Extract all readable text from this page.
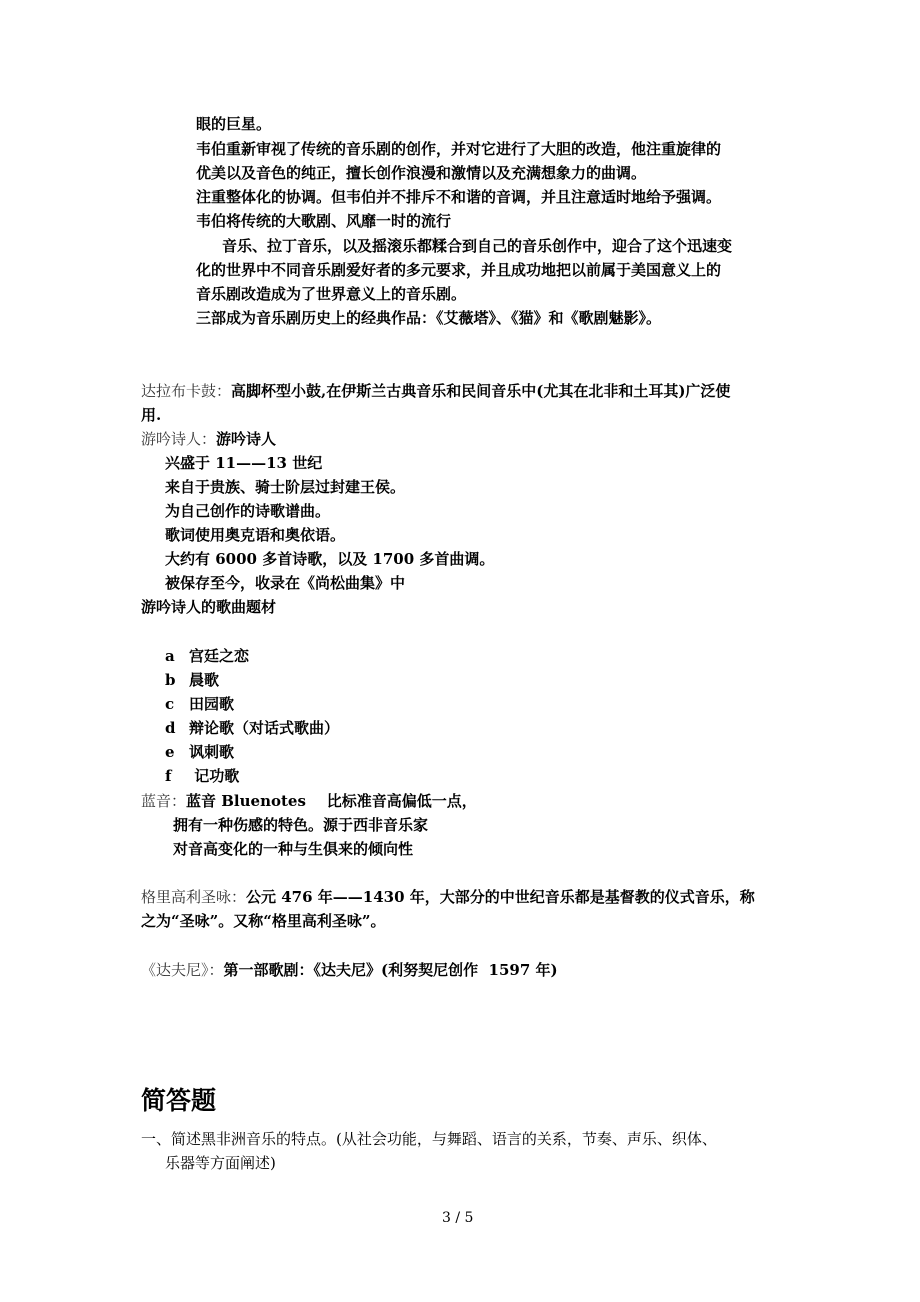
眼的巨星。
韦伯重新审视了传统的音乐剧的创作，并对它进行了大胆的改造，他注重旋律的
优美以及音色的纯正，擅长创作浪漫和激情以及充满想象力的曲调。
注重整体化的协调。但韦伯并不排斥不和谐的音调，并且注意适时地给予强调。
韦伯将传统的大歌剧、风靡一时的流行
音乐、拉丁音乐，以及摇滚乐都糅合到自己的音乐创作中，迎合了这个迅速变
化的世界中不同音乐剧爱好者的多元要求，并且成功地把以前属于美国意义上的
音乐剧改造成为了世界意义上的音乐剧。
三部成为音乐剧历史上的经典作品：《艾薇塔》、《猫》和《歌剧魅影》。
达拉布卡鼓：高脚杯型小鼓,在伊斯兰古典音乐和民间音乐中(尤其在北非和土耳其)广泛使
用.
游吟诗人：游吟诗人
兴盛于 11——13 世纪
来自于贵族、骑士阶层过封建王侯。
为自己创作的诗歌谱曲。
歌词使用奥克语和奥依语。
大约有 6000 多首诗歌，以及 1700 多首曲调。
被保存至今，收录在《尚松曲集》中
游吟诗人的歌曲题材
a 宫廷之恋
b 晨歌
c 田园歌
d 辩论歌（对话式歌曲）
e 讽刺歌
f 记功歌
蓝音：蓝音 Bluenotes    比标准音高偏低一点，
拥有一种伤感的特色。源于西非音乐家
对音高变化的一种与生俱来的倾向性
格里高利圣咏：公元 476 年——1430 年，大部分的中世纪音乐都是基督教的仪式音乐，称
之为“圣咏”。又称“格里高利圣咏”。
《达夫尼》：第一部歌剧：《达夫尼》(利努契尼创作  1597 年)
简答题
一、简述黑非洲音乐的特点。(从社会功能，与舞蹈、语言的关系，节奏、声乐、织体、
乐器等方面阐述)
3 / 5
